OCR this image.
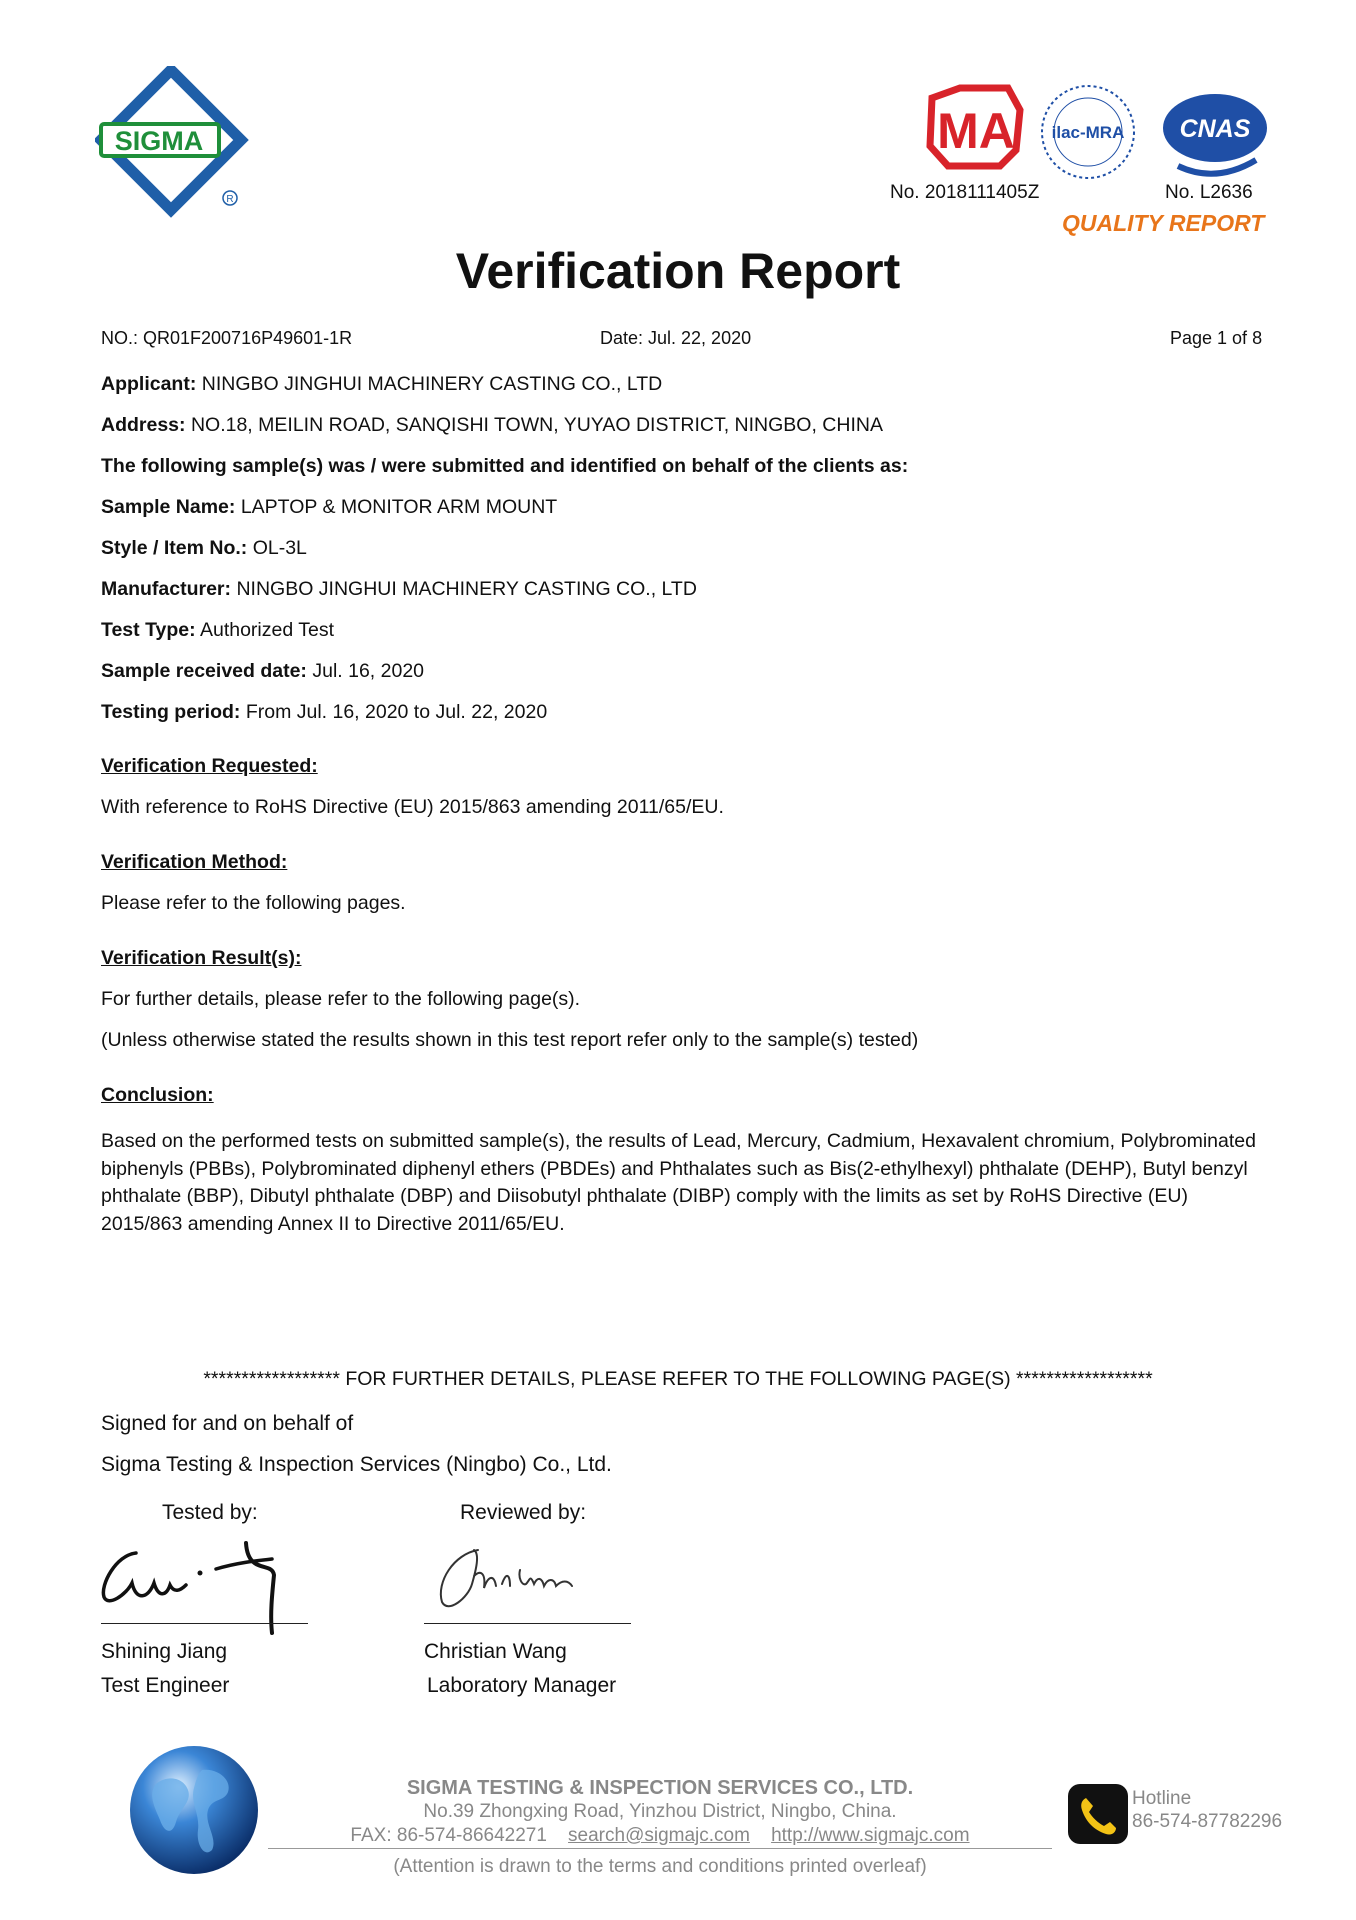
SIGMA
R
MA ilac-MRA CNAS
No. 2018111405Z	No. L2636
QUALITY REPORT
Verification Report
NO.: QR01F200716P49601-1R	Date: Jul. 22, 2020	Page 1 of 8
Applicant: NINGBO JINGHUI MACHINERY CASTING CO., LTD
Address: NO.18, MEILIN ROAD, SANQISHI TOWN, YUYAO DISTRICT, NINGBO, CHINA
The following sample(s) was / were submitted and identified on behalf of the clients as:
Sample Name: LAPTOP & MONITOR ARM MOUNT
Style / Item No.: OL-3L
Manufacturer: NINGBO JINGHUI MACHINERY CASTING CO., LTD
Test Type: Authorized Test
Sample received date: Jul. 16, 2020
Testing period: From Jul. 16, 2020 to Jul. 22, 2020
Verification Requested:
With reference to RoHS Directive (EU) 2015/863 amending 2011/65/EU.
Verification Method:
Please refer to the following pages.
Verification Result(s):
For further details, please refer to the following page(s).
(Unless otherwise stated the results shown in this test report refer only to the sample(s) tested)
Conclusion:
Based on the performed tests on submitted sample(s), the results of Lead, Mercury, Cadmium, Hexavalent chromium, Polybrominated biphenyls (PBBs), Polybrominated diphenyl ethers (PBDEs) and Phthalates such as Bis(2-ethylhexyl) phthalate (DEHP), Butyl benzyl phthalate (BBP), Dibutyl phthalate (DBP) and Diisobutyl phthalate (DIBP) comply with the limits as set by RoHS Directive (EU) 2015/863 amending Annex II to Directive 2011/65/EU.
****************** FOR FURTHER DETAILS, PLEASE REFER TO THE FOLLOWING PAGE(S) ******************
Signed for and on behalf of
Sigma Testing & Inspection Services (Ningbo) Co., Ltd.
Tested by:	Reviewed by:
Shining Jiang
Test Engineer
Christian Wang
Laboratory Manager
SIGMA TESTING & INSPECTION SERVICES CO., LTD.
No.39 Zhongxing Road, Yinzhou District, Ningbo, China.
FAX: 86-574-86642271 search@sigmajc.com http://www.sigmajc.com
(Attention is drawn to the terms and conditions printed overleaf)
Hotline
86-574-87782296
